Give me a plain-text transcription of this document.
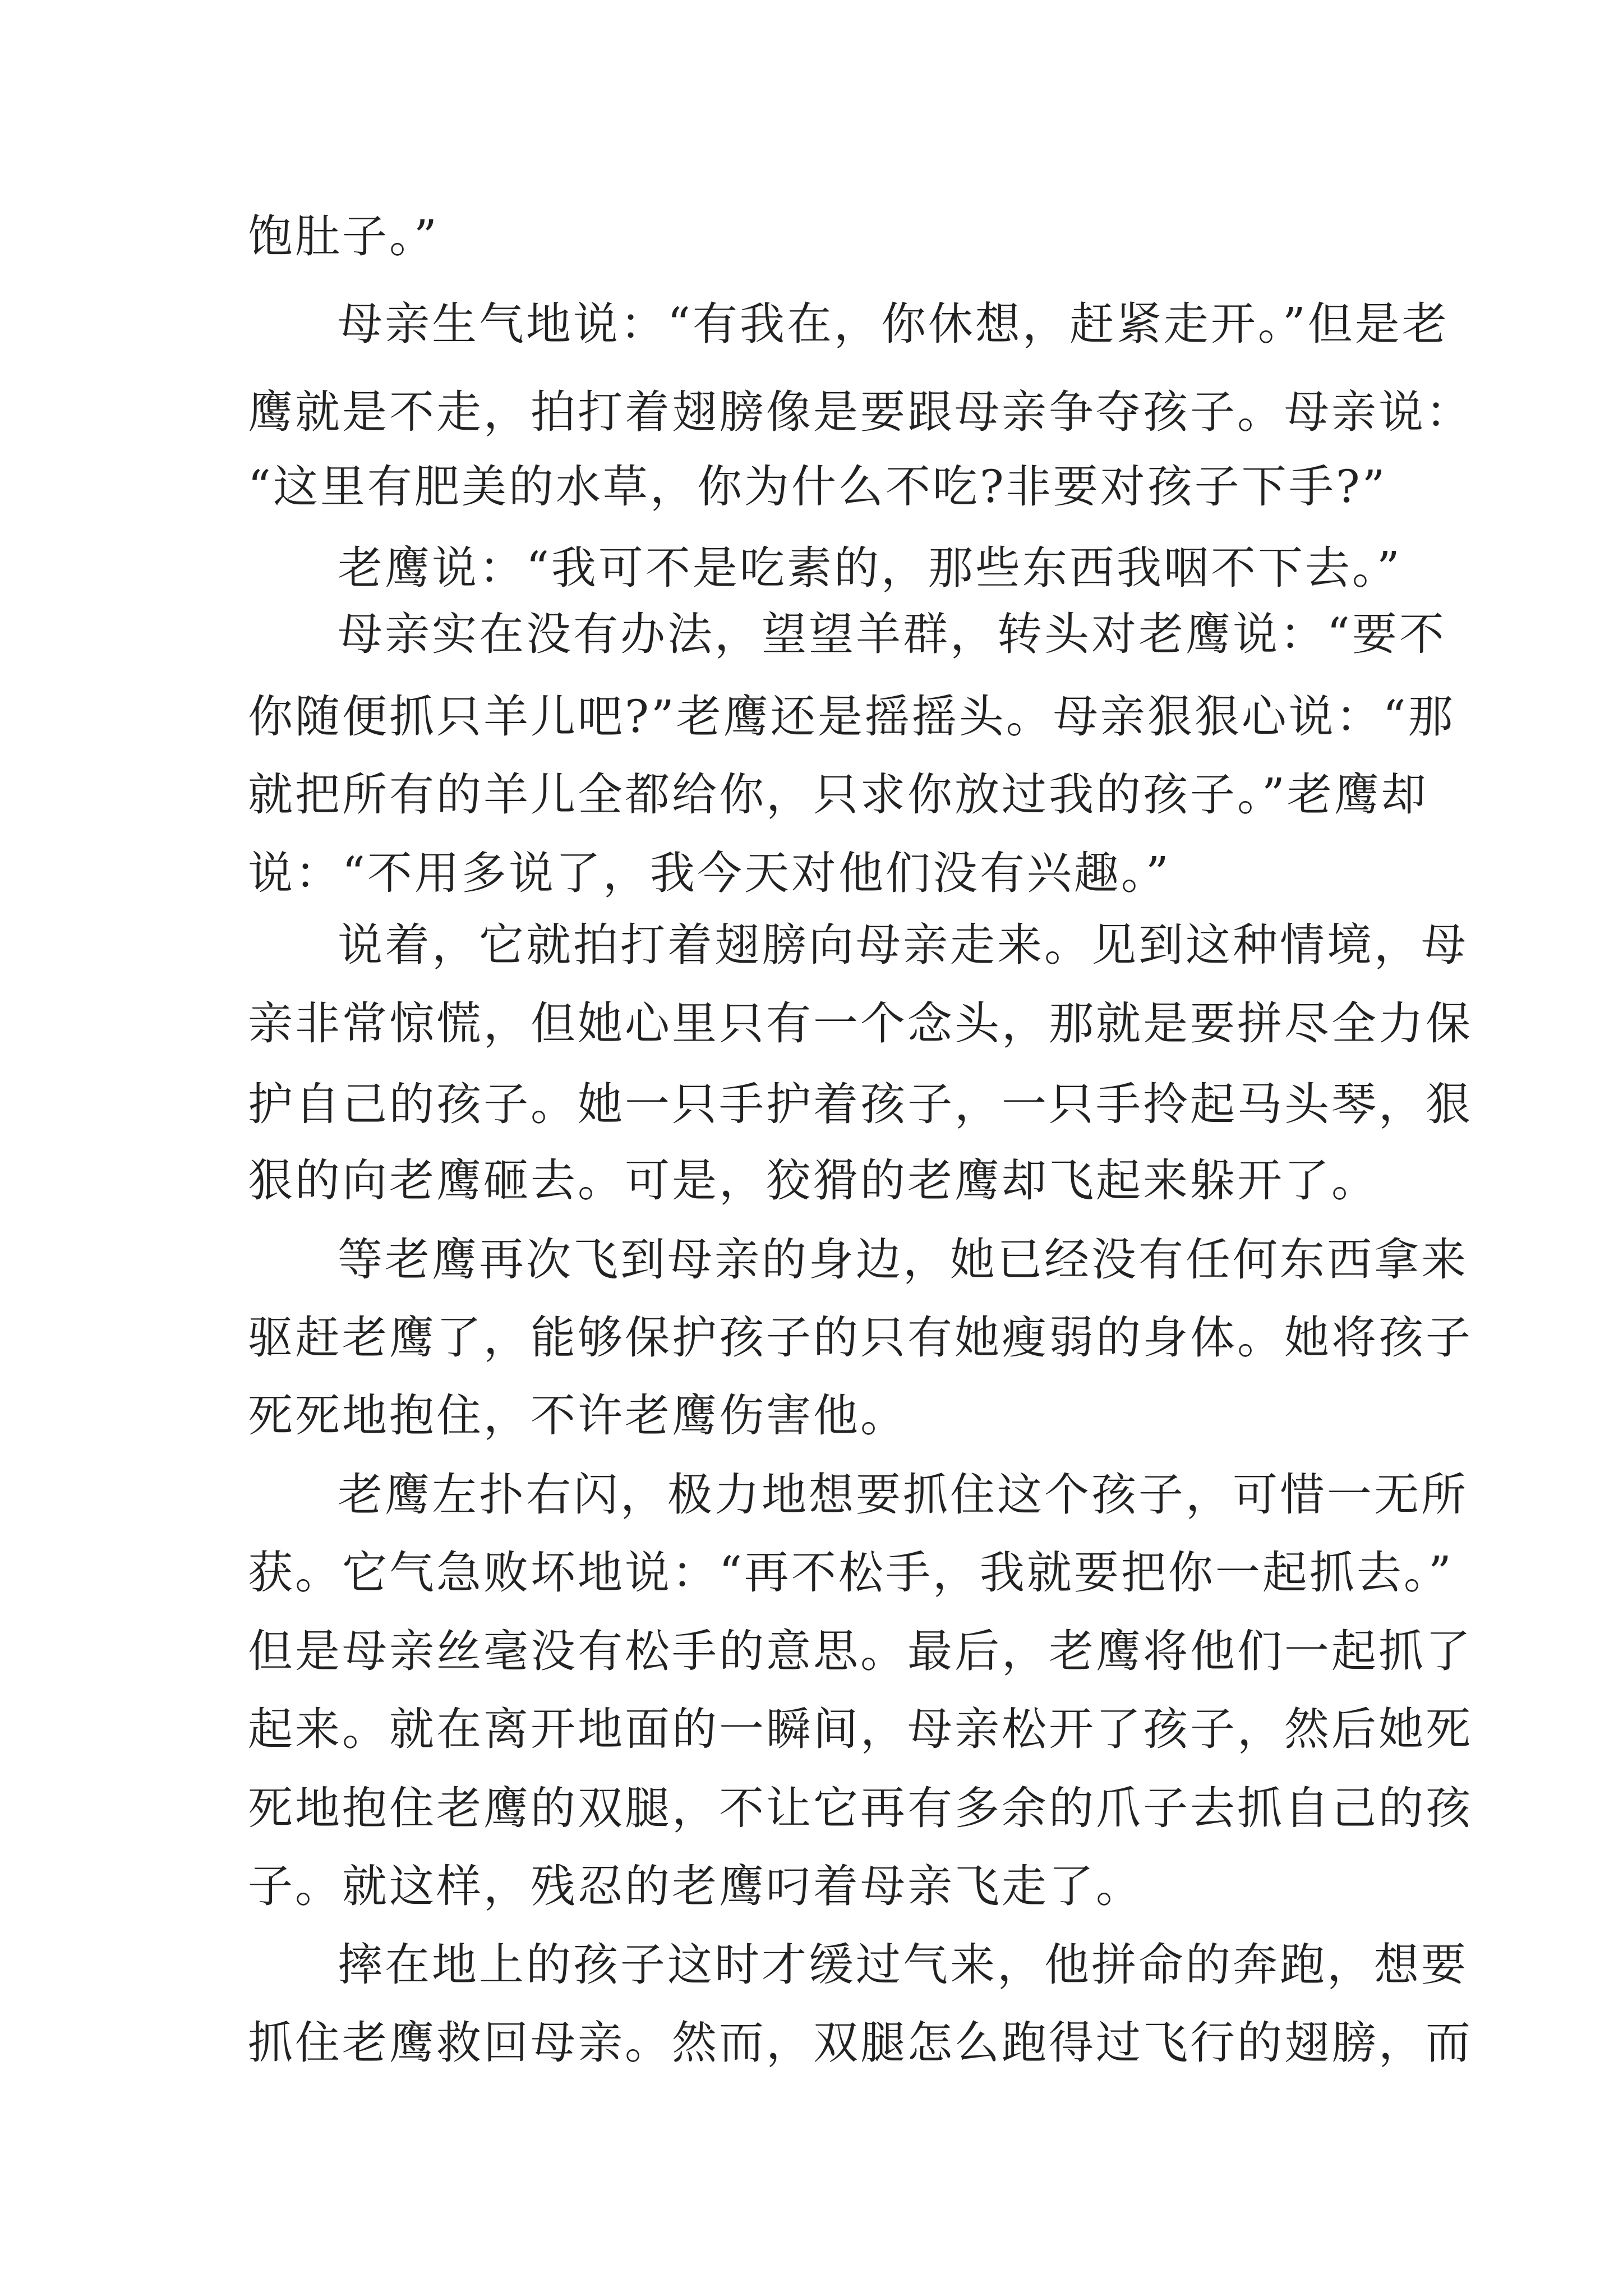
饱肚子。”
母亲生气地说：“有我在，你休想，赶紧走开。”但是老
鹰就是不走，拍打着翅膀像是要跟母亲争夺孩子。母亲说：
“这里有肥美的水草，你为什么不吃?非要对孩子下手?”
老鹰说：“我可不是吃素的，那些东西我咽不下去。”
母亲实在没有办法，望望羊群，转头对老鹰说：“要不
你随便抓只羊儿吧?”老鹰还是摇摇头。母亲狠狠心说：“那
就把所有的羊儿全都给你，只求你放过我的孩子。”老鹰却
说：“不用多说了，我今天对他们没有兴趣。”
说着，它就拍打着翅膀向母亲走来。见到这种情境，母
亲非常惊慌，但她心里只有一个念头，那就是要拼尽全力保
护自己的孩子。她一只手护着孩子，一只手拎起马头琴，狠
狠的向老鹰砸去。可是，狡猾的老鹰却飞起来躲开了。
等老鹰再次飞到母亲的身边，她已经没有任何东西拿来
驱赶老鹰了，能够保护孩子的只有她瘦弱的身体。她将孩子
死死地抱住，不许老鹰伤害他。
老鹰左扑右闪，极力地想要抓住这个孩子，可惜一无所
获。它气急败坏地说：“再不松手，我就要把你一起抓去。”
但是母亲丝毫没有松手的意思。最后，老鹰将他们一起抓了
起来。就在离开地面的一瞬间，母亲松开了孩子，然后她死
死地抱住老鹰的双腿，不让它再有多余的爪子去抓自己的孩
子。就这样，残忍的老鹰叼着母亲飞走了。
摔在地上的孩子这时才缓过气来，他拼命的奔跑，想要
抓住老鹰救回母亲。然而，双腿怎么跑得过飞行的翅膀，而
